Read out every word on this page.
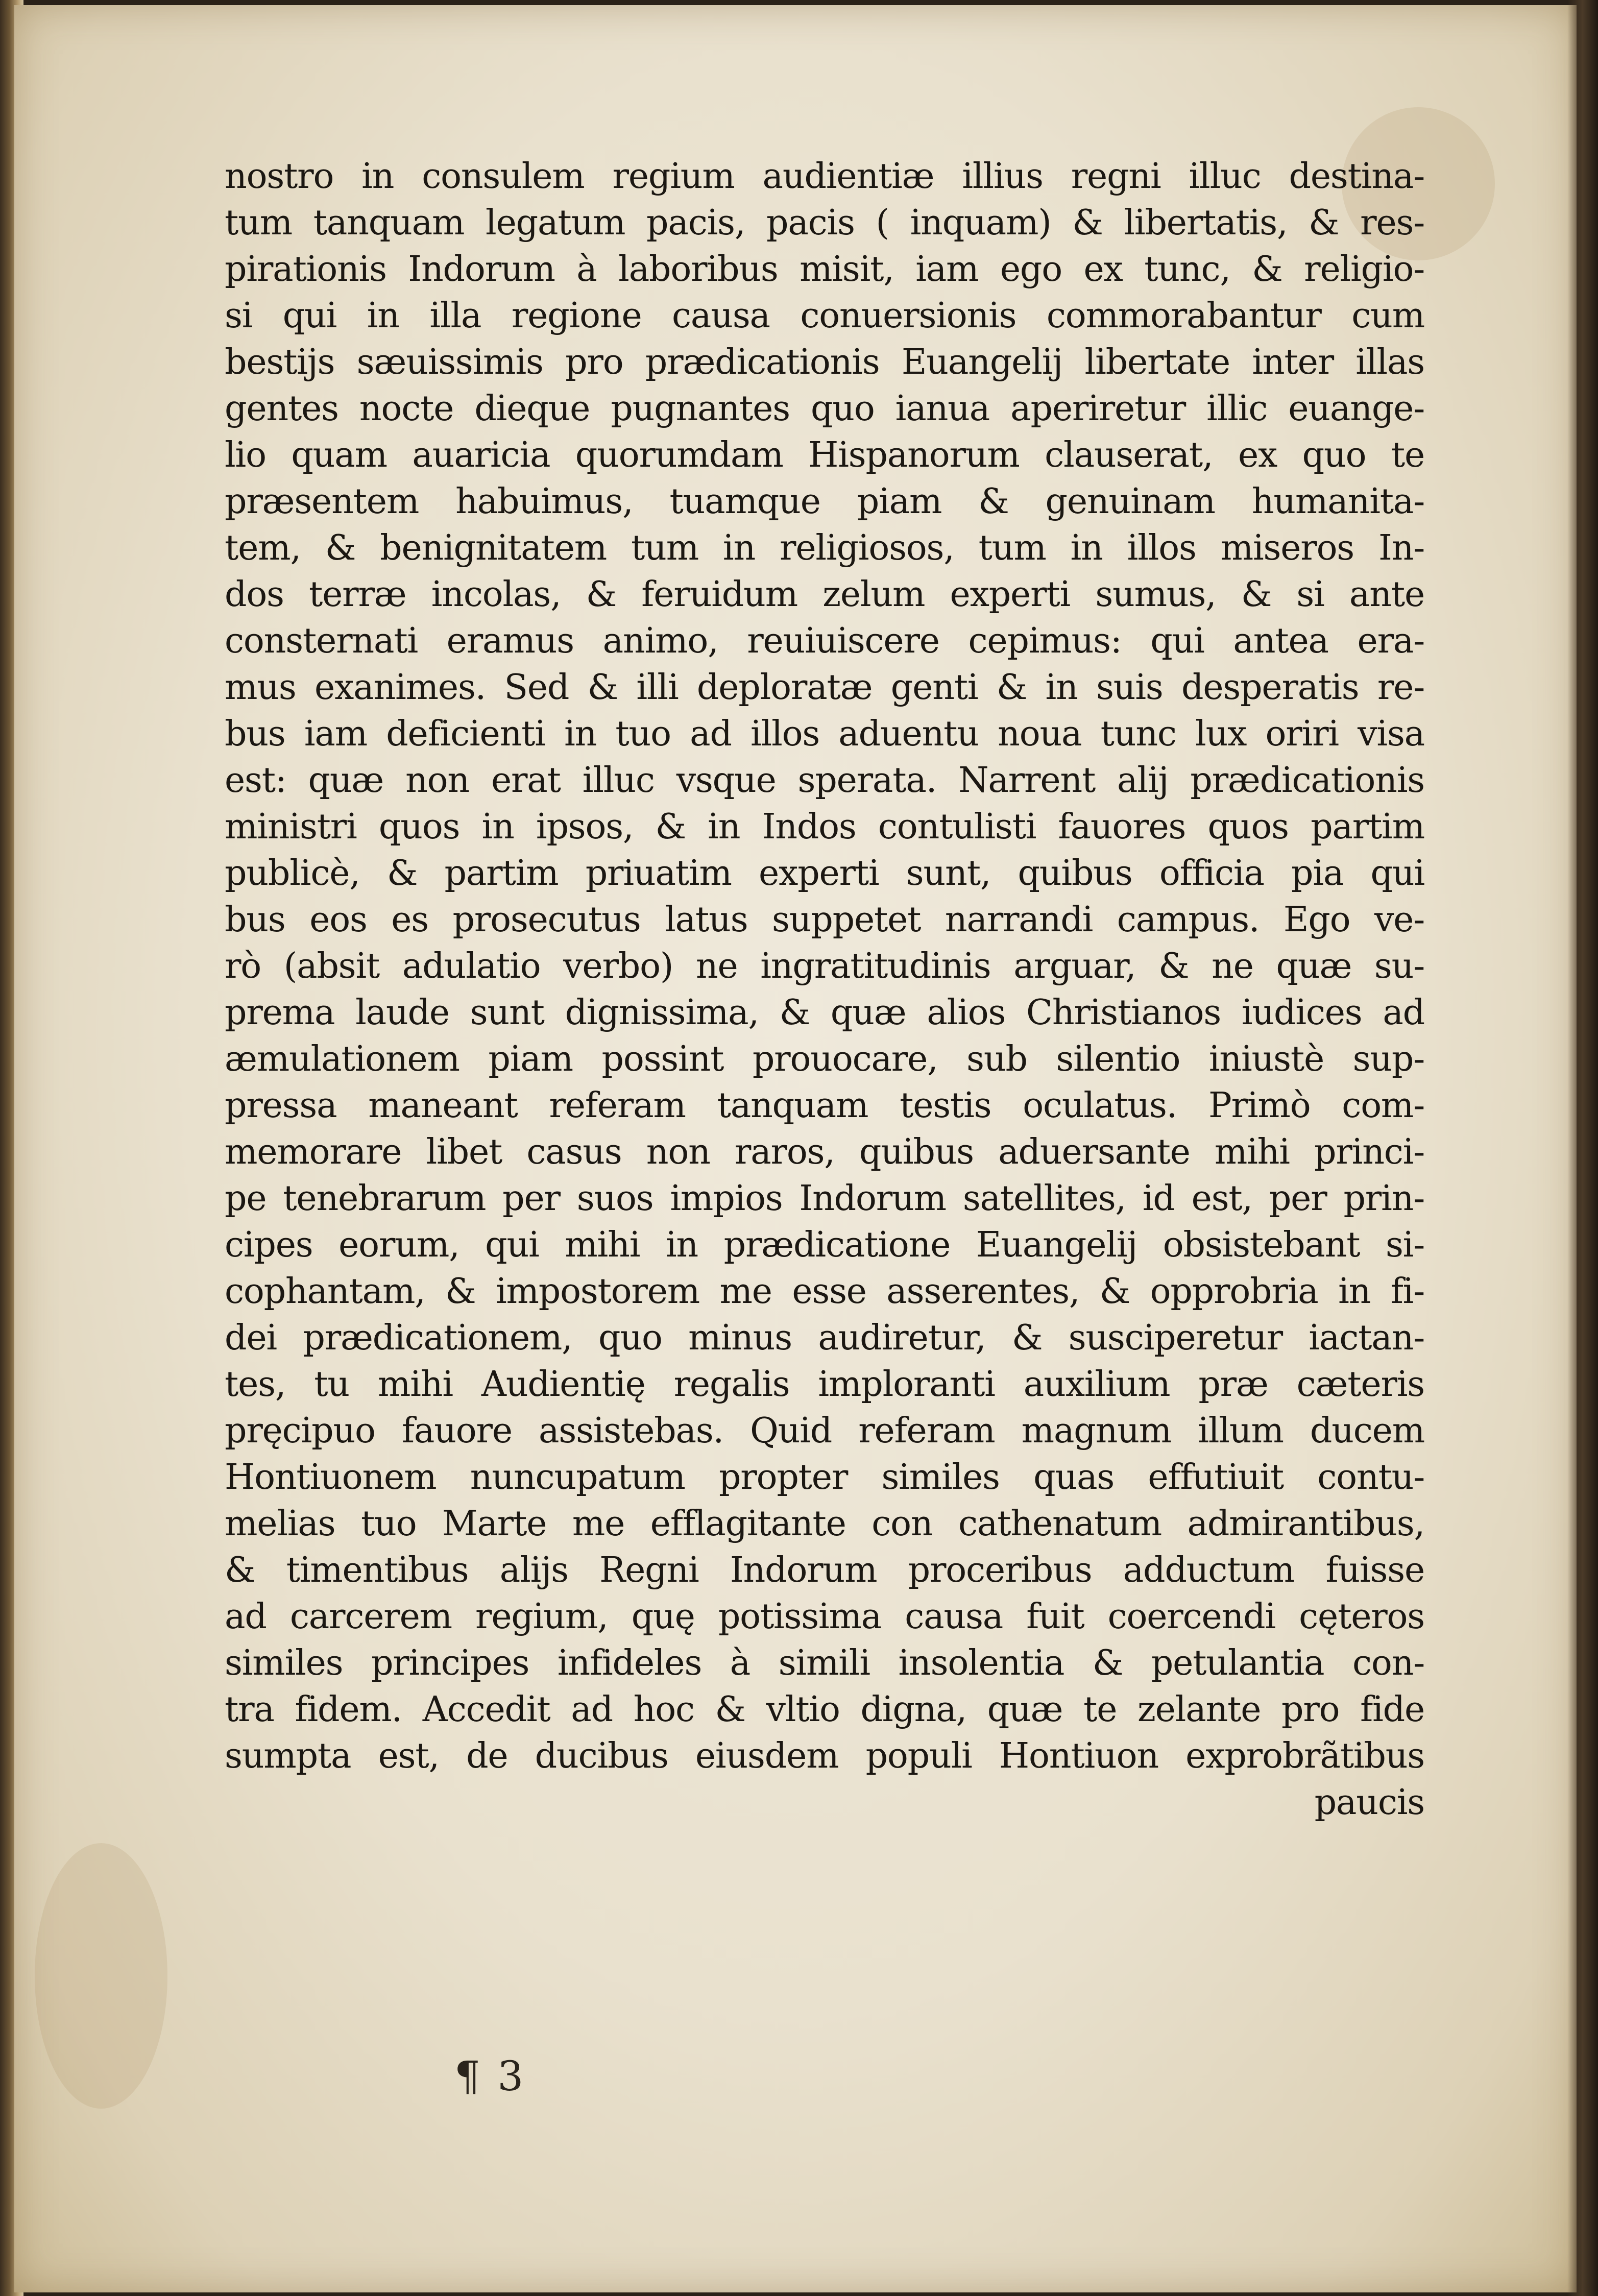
nostro in consulem regium audientiæ illius regni illuc destina-
tum tanquam legatum pacis, pacis ( inquam) & libertatis, & res-
pirationis Indorum à laboribus misit, iam ego ex tunc, & religio-
si qui in illa regione causa conuersionis commorabantur cum
bestijs sæuissimis pro prædicationis Euangelij libertate inter illas
gentes nocte dieque pugnantes quo ianua aperiretur illic euange-
lio quam auaricia quorumdam Hispanorum clauserat, ex quo te
præsentem habuimus, tuamque piam & genuinam humanita-
tem, & benignitatem tum in religiosos, tum in illos miseros In-
dos terræ incolas, & feruidum zelum experti sumus, & si ante
consternati eramus animo, reuiuiscere cepimus: qui antea era-
mus exanimes. Sed & illi deploratæ genti & in suis desperatis re-
bus iam deficienti in tuo ad illos aduentu noua tunc lux oriri visa
est: quæ non erat illuc vsque sperata. Narrent alij prædicationis
ministri quos in ipsos, & in Indos contulisti fauores quos partim
publicè, & partim priuatim experti sunt, quibus officia pia qui
bus eos es prosecutus latus suppetet narrandi campus. Ego ve-
rò (absit adulatio verbo) ne ingratitudinis arguar, & ne quæ su-
prema laude sunt dignissima, & quæ alios Christianos iudices ad
æmulationem piam possint prouocare, sub silentio iniustè sup-
pressa maneant referam tanquam testis oculatus. Primò com-
memorare libet casus non raros, quibus aduersante mihi princi-
pe tenebrarum per suos impios Indorum satellites, id est, per prin-
cipes eorum, qui mihi in prædicatione Euangelij obsistebant si-
cophantam, & impostorem me esse asserentes, & opprobria in fi-
dei prædicationem, quo minus audiretur, & susciperetur iactan-
tes, tu mihi Audientię regalis imploranti auxilium præ cæteris
pręcipuo fauore assistebas. Quid referam magnum illum ducem
Hontiuonem nuncupatum propter similes quas effutiuit contu-
melias tuo Marte me efflagitante con cathenatum admirantibus,
& timentibus alijs Regni Indorum proceribus adductum fuisse
ad carcerem regium, quę potissima causa fuit coercendi cęteros
similes principes infideles à simili insolentia & petulantia con-
tra fidem. Accedit ad hoc & vltio digna, quæ te zelante pro fide
sumpta est, de ducibus eiusdem populi Hontiuon exprobrãtibus
paucis
¶ 3
